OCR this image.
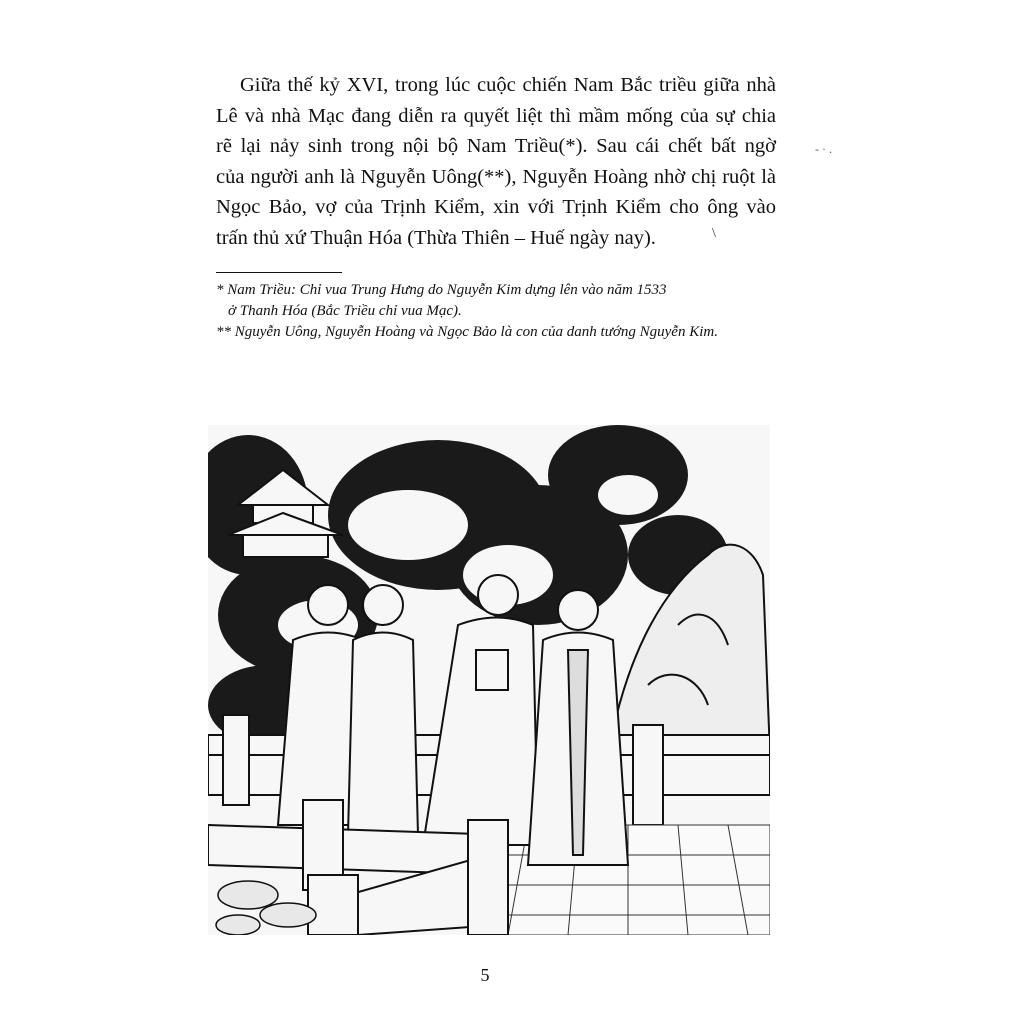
Giữa thế kỷ XVI, trong lúc cuộc chiến Nam Bắc triều giữa nhà
Lê và nhà Mạc đang diễn ra quyết liệt thì mầm mống của sự chia
rẽ lại nảy sinh trong nội bộ Nam Triều(*). Sau cái chết bất ngờ
của người anh là Nguyễn Uông(**), Nguyễn Hoàng nhờ chị ruột là
Ngọc Bảo, vợ của Trịnh Kiểm, xin với Trịnh Kiểm cho ông vào
trấn thủ xứ Thuận Hóa (Thừa Thiên – Huế ngày nay).
‐ · .
\
* Nam Triều: Chỉ vua Trung Hưng do Nguyễn Kim dựng lên vào năm 1533
ở Thanh Hóa (Bắc Triều chỉ vua Mạc).
** Nguyễn Uông, Nguyễn Hoàng và Ngọc Bảo là con của danh tướng Nguyễn Kim.
5
